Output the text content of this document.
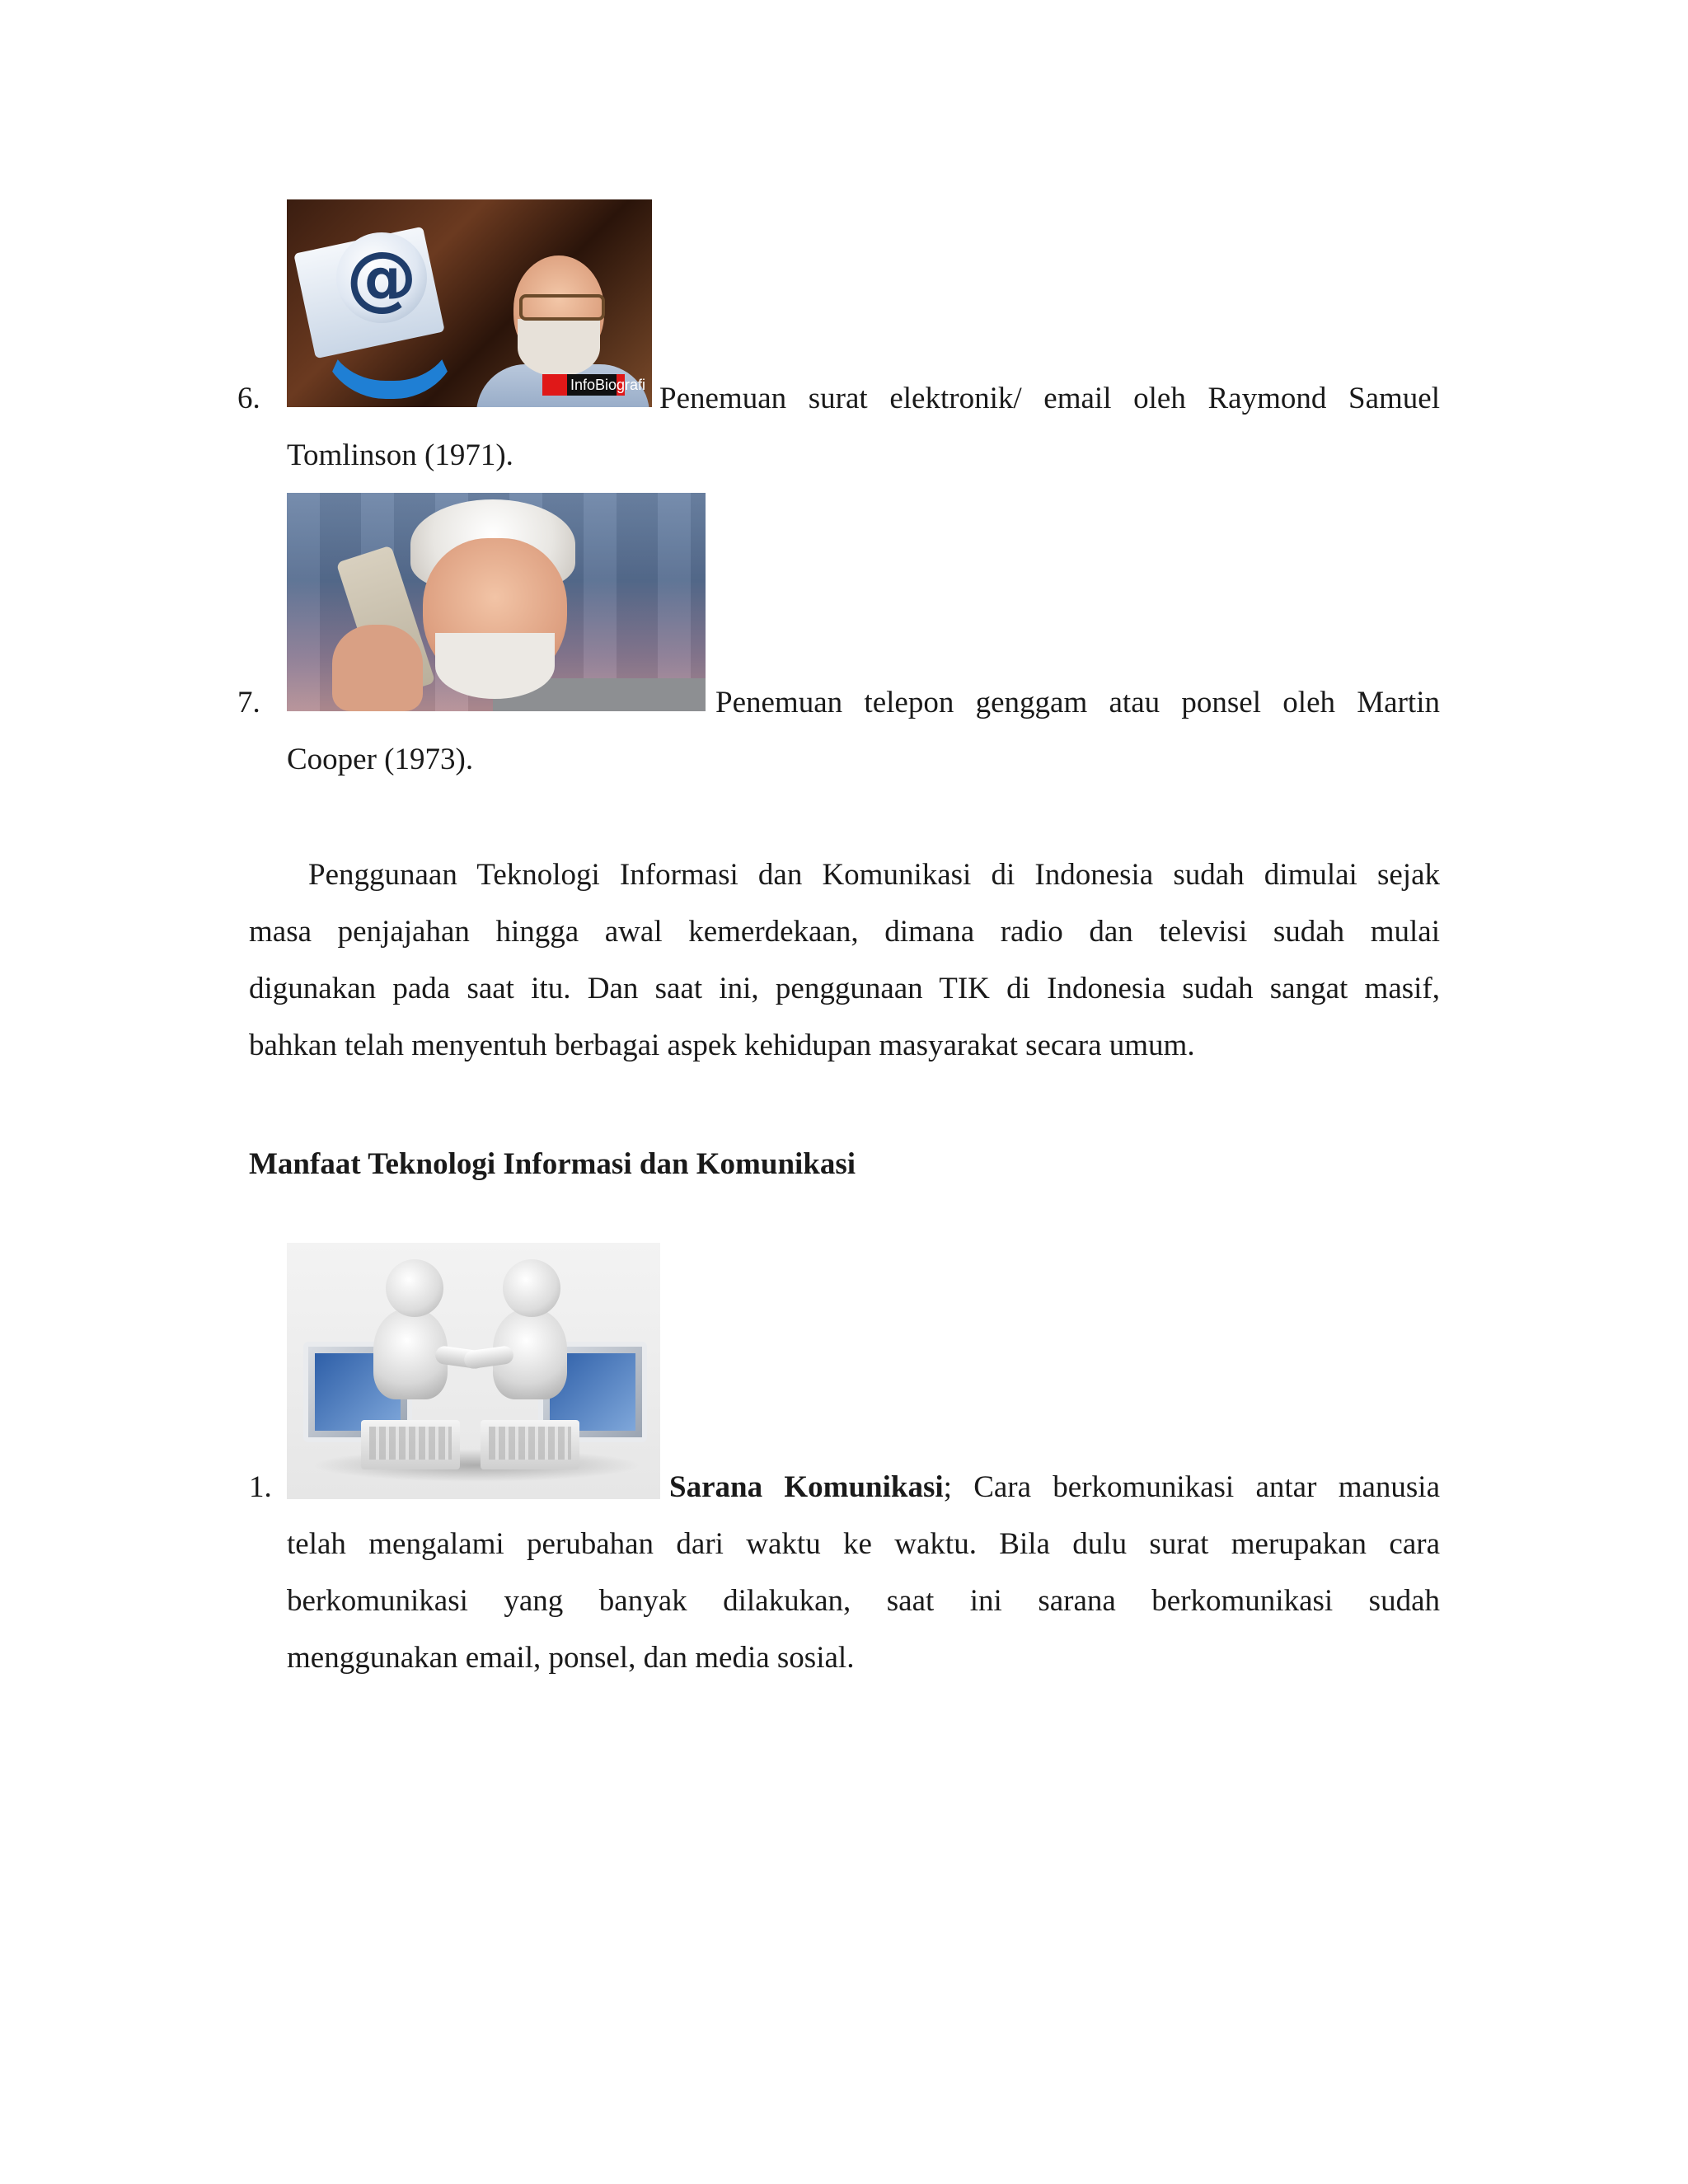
6.
@
InfoBiografi Penemuan surat elektronik/ email oleh Raymond Samuel
Tomlinson (1971).
7.	Penemuan telepon genggam atau ponsel oleh Martin
Cooper (1973).
Penggunaan Teknologi Informasi dan Komunikasi di Indonesia sudah dimulai sejak
masa penjajahan hingga awal kemerdekaan, dimana radio dan televisi sudah mulai
digunakan pada saat itu. Dan saat ini, penggunaan TIK di Indonesia sudah sangat masif,
bahkan telah menyentuh berbagai aspek kehidupan masyarakat secara umum.
Manfaat Teknologi Informasi dan Komunikasi
1.	Sarana Komunikasi; Cara berkomunikasi antar manusia
telah mengalami perubahan dari waktu ke waktu. Bila dulu surat merupakan cara
berkomunikasi yang banyak dilakukan, saat ini sarana berkomunikasi sudah
menggunakan email, ponsel, dan media sosial.
